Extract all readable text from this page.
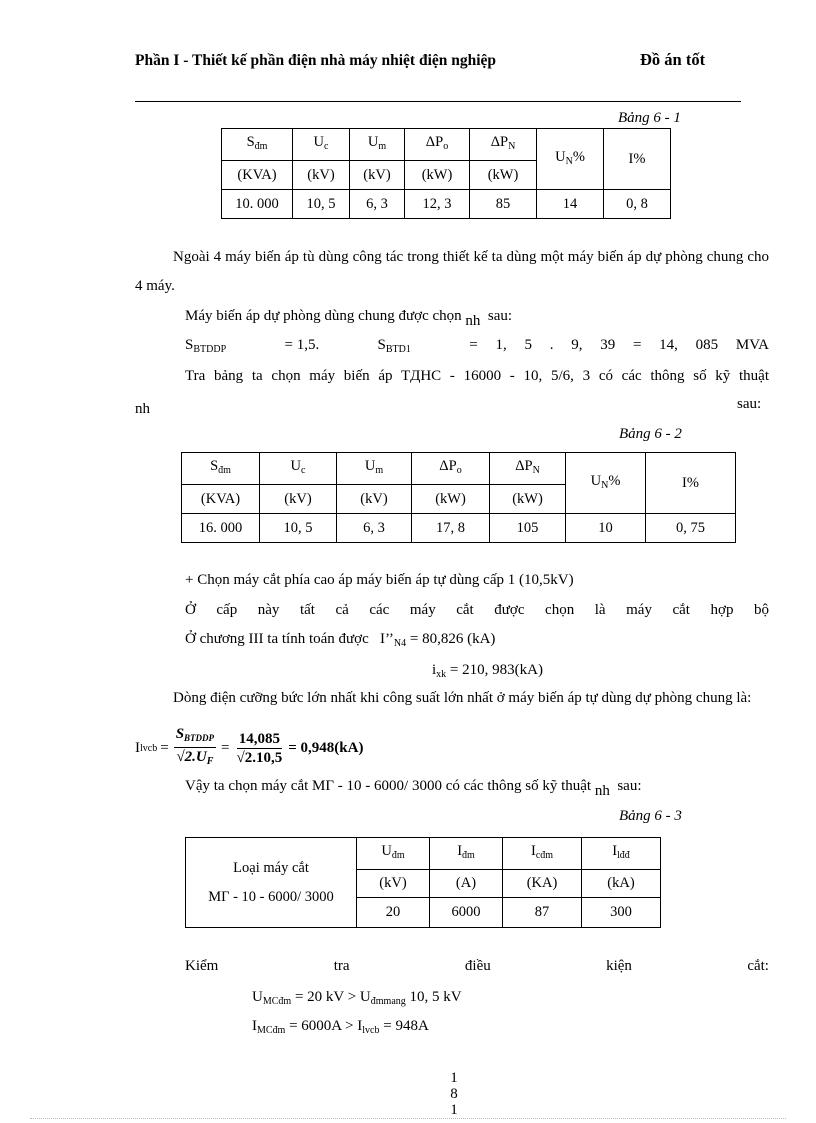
Phần I - Thiết kế phần điện nhà máy nhiệt điện nghiệp	Đồ án tốt
Bảng 6 - 1
$S_{đm}$	$U_c$	$U_m$	$\Delta P_o$	$\Delta P_N$	$U_N\%$	I%
(KVA)	(kV)	(kV)	(kW)	(kW)		
10. 000	10, 5	6, 3	12, 3	85	14	0, 8
Ngoài 4 máy biến áp tù dùng công tác trong thiết kế ta dùng một máy biến áp dự phòng chung cho 4 máy.
Máy biến áp dự phòng dùng chung được chọn nh sau:
$S_{BTDDP}$	= 1,5.	$S_{BTD1}$	= 1, 5 . 9, 39 = 14, 085 MVA
Tra bảng ta chọn máy biến áp TДHC - 16000 - 10, 5/6, 3 có các thông số kỹ thuật
nh	sau:
Bảng 6 - 2
$S_{đm}$	$U_c$	$U_m$	$\Delta P_o$	$\Delta P_N$	$U_N\%$	I%
(KVA)	(kV)	(kV)	(kW)	(kW)		
16. 000	10, 5	6, 3	17, 8	105	10	0, 75
+ Chọn máy cắt phía cao áp máy biến áp tự dùng cấp 1 (10,5kV)
Ở cấp này tất cả các máy cắt được chọn là máy cắt hợp bộ
Ở chương III ta tính toán được $I’’_{N4} = 80,826$ (kA)
$i_{xk} = 210$, 983(kA)
Dòng điện cưỡng bức lớn nhất khi công suất lớn nhất ở máy biến áp tự dùng dự phòng chung là:
I lvcb = $\frac{S_{BTDDP}}{√2.U_F} = \frac{14,085}{√2.10,5} = 0,948(kA)$
Vậy ta chọn máy cắt MГ - 10 - 6000/ 3000 có các thông số kỹ thuật nh sau:
Bảng 6 - 3
Loại máy cắt
MГ - 10 - 6000/ 3000	$U_{đm}$	$I_{đm}$	$I_{cđm}$	$I_{lđđ}$
	(kV)	(A)	(KA)	(kA)
	20	6000	87	300
Kiểm	tra	điều	kiện	cắt:
$U_{MCđm} = 20$ kV > $U_{đmmang}$ 10, 5 kV
$I_{MCđm} = 6000A > I_{lvcb} = 948A$
1
8
1
